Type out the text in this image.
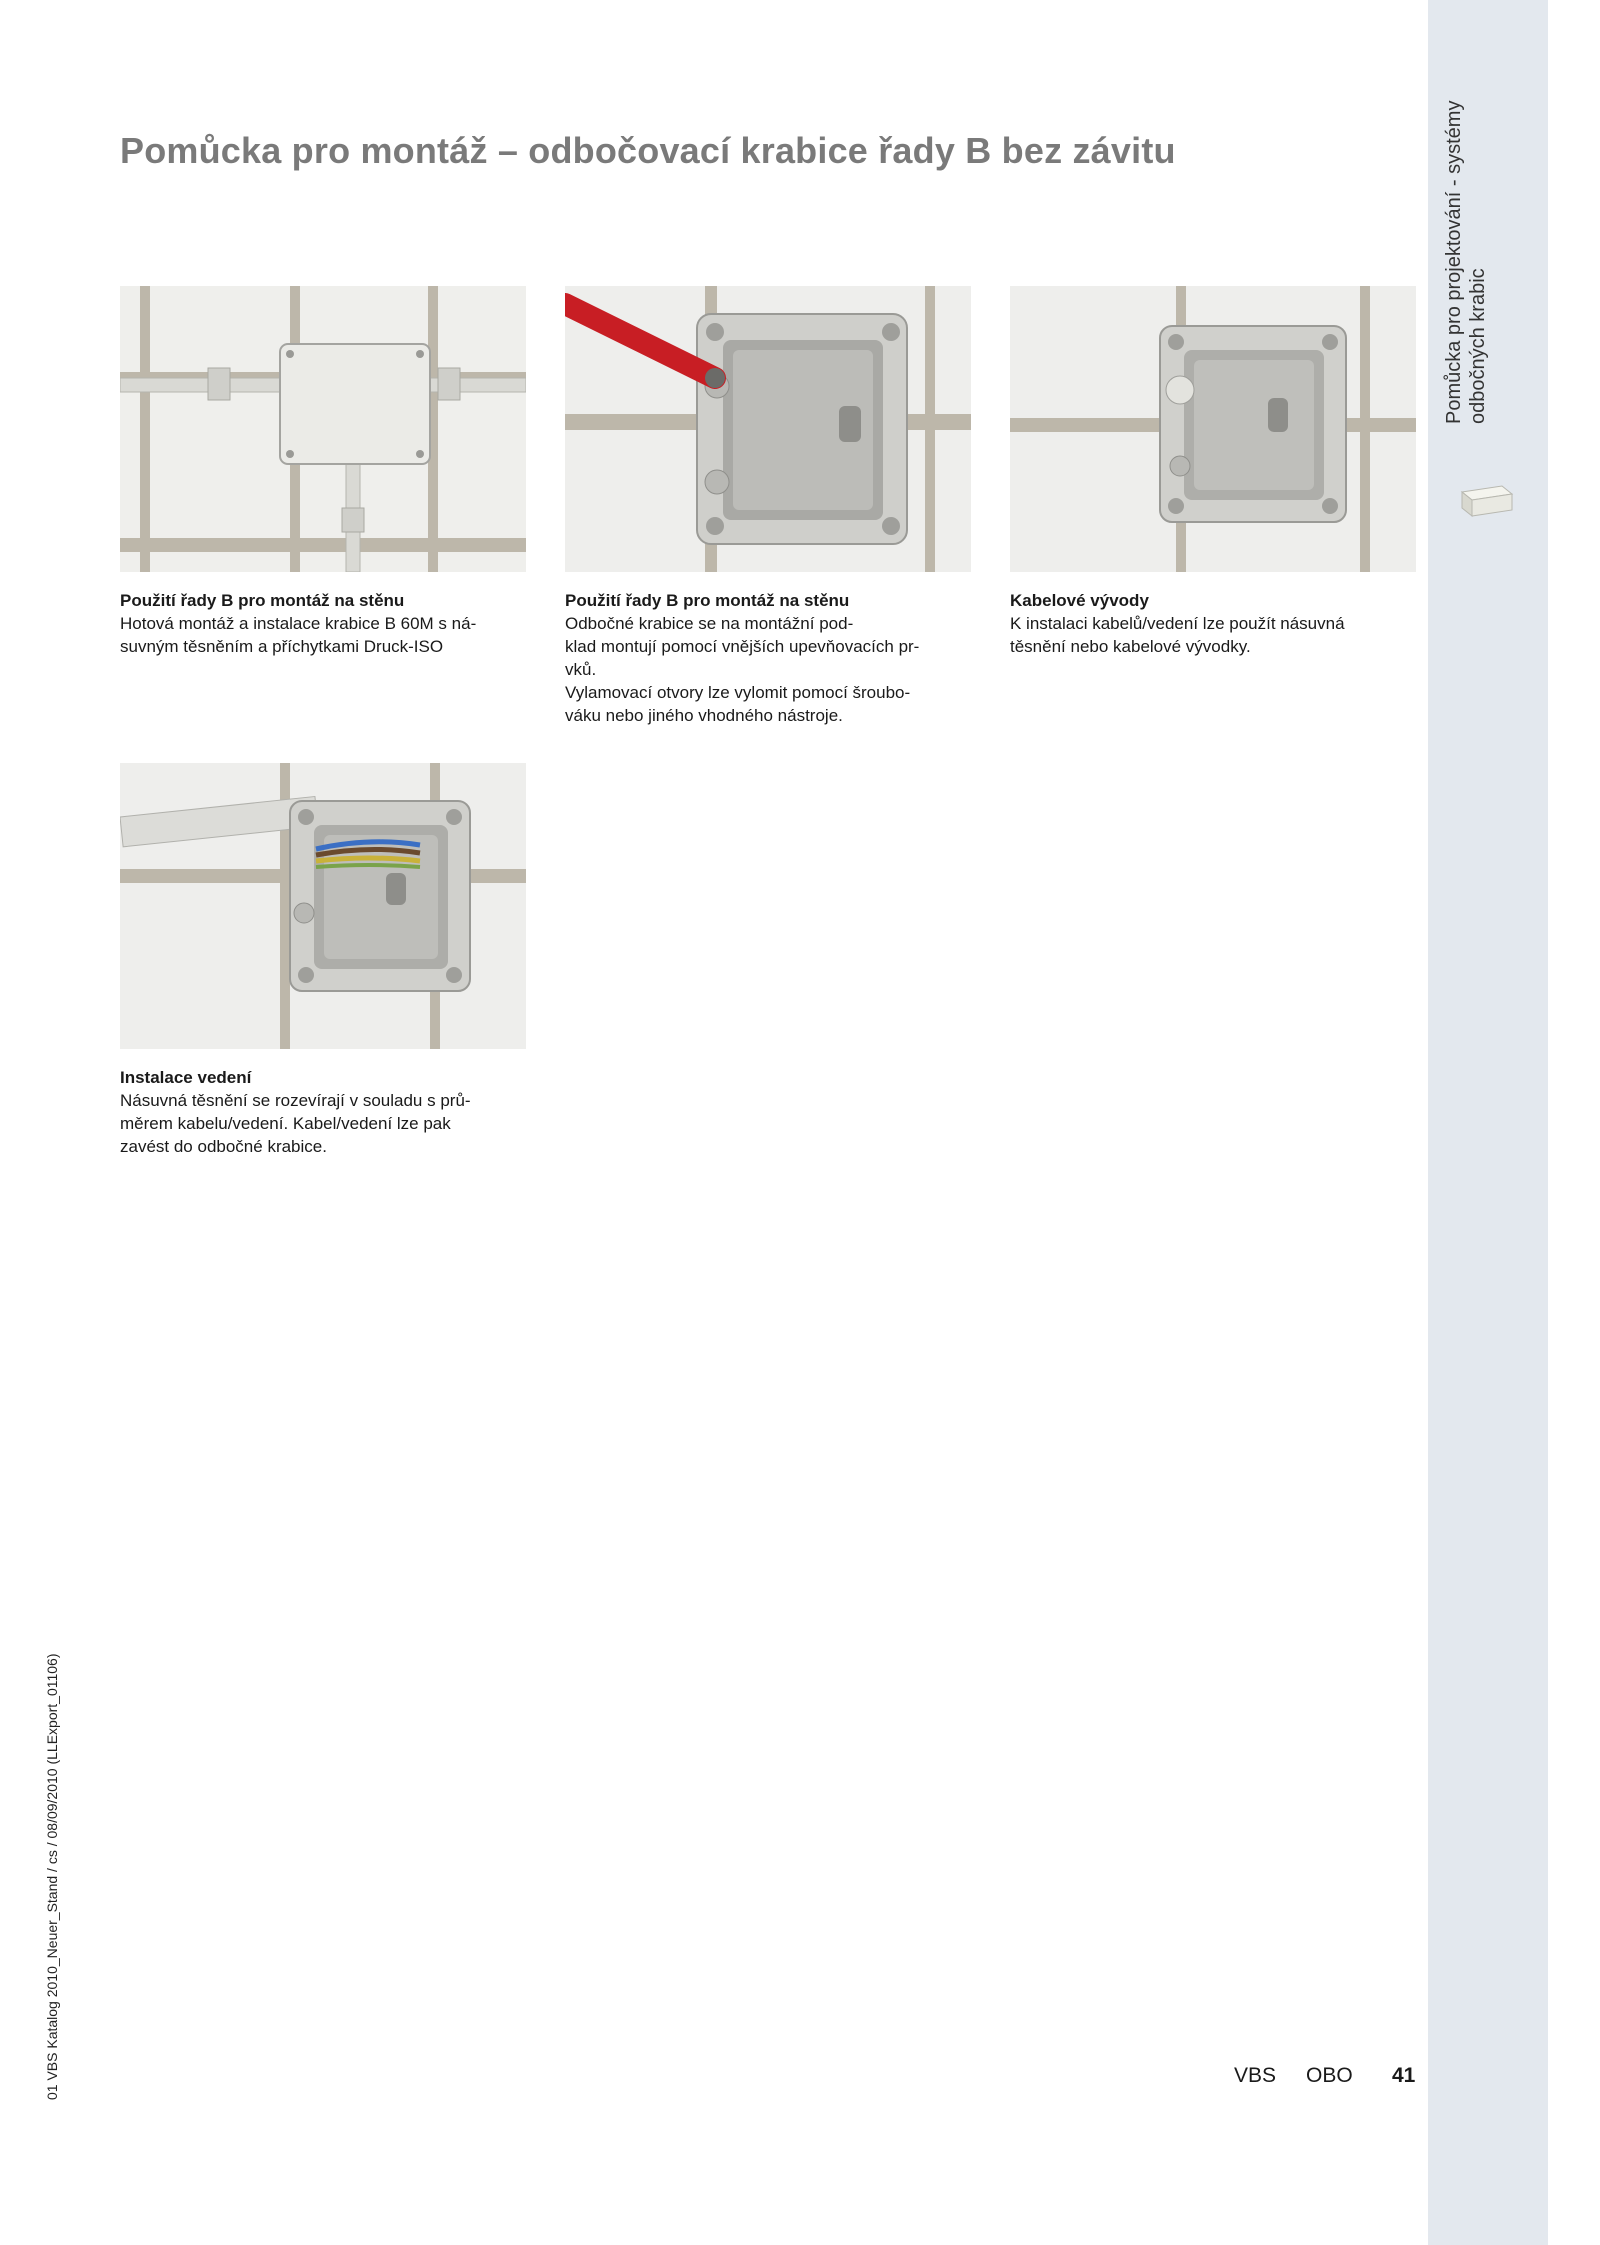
Pomůcka pro projektování - systémy odbočných krabic
Pomůcka pro montáž – odbočovací krabice řady B bez závitu
Použití řady B pro montáž na stěnu
Hotová montáž a instalace krabice B 60M s ná-
suvným těsněním a příchytkami Druck-ISO
Použití řady B pro montáž na stěnu
Odbočné krabice se na montážní pod-
klad montují pomocí vnějších upevňovacích pr-
vků.
Vylamovací otvory lze vylomit pomocí šroubo-
váku nebo jiného vhodného nástroje.
Kabelové vývody
K instalaci kabelů/vedení lze použít násuvná
těsnění nebo kabelové vývodky.
Instalace vedení
Násuvná těsnění se rozevírají v souladu s prů-
měrem kabelu/vedení. Kabel/vedení lze pak
zavést do odbočné krabice.
01 VBS Katalog 2010_Neuer_Stand / cs / 08/09/2010 (LLExport_01106)	VBS OBO 41
